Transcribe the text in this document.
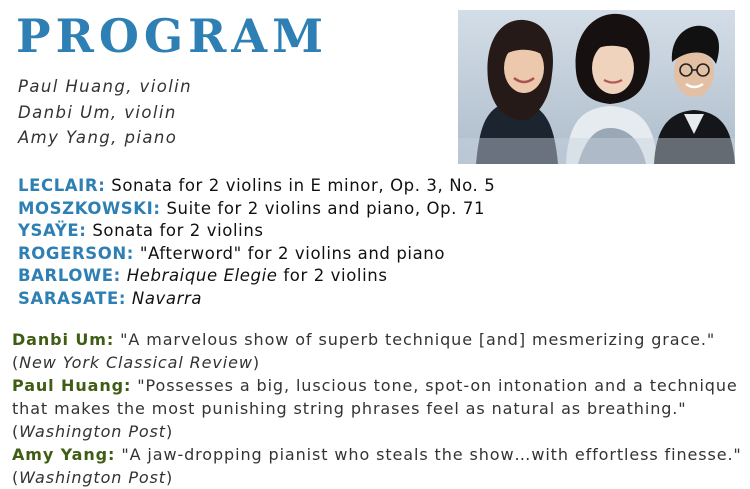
PROGRAM
Paul Huang, violin
Danbi Um, violin
Amy Yang, piano
LECLAIR: Sonata for 2 violins in E minor, Op. 3, No. 5
MOSZKOWSKI: Suite for 2 violins and piano, Op. 71
YSAŸE: Sonata for 2 violins
ROGERSON: "Afterword" for 2 violins and piano
BARLOWE: Hebraique Elegie for 2 violins
SARASATE: Navarra
Danbi Um: "A marvelous show of superb technique [and] mesmerizing grace." (New York Classical Review)
Paul Huang: "Possesses a big, luscious tone, spot-on intonation and a technique that makes the most punishing string phrases feel as natural as breathing." (Washington Post)
Amy Yang: "A jaw-dropping pianist who steals the show…with effortless finesse." (Washington Post)
